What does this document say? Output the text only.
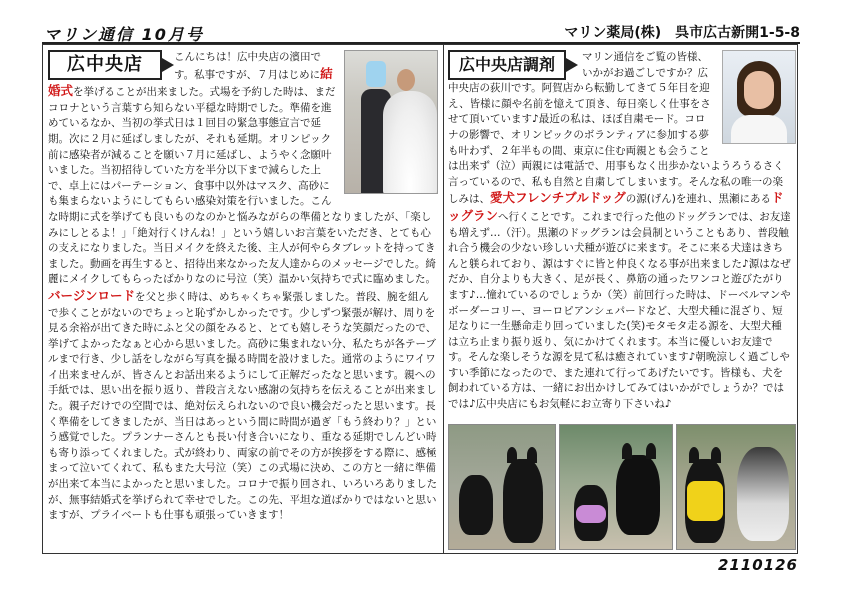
マリン通信 10月号	マリン薬局(株)　呉市広古新開1-5-8
こんにちは！広中央店の濱田です。私事ですが、７月はじめに結婚式を挙げることが出来ました。式場を予約した時は、まだコロナという言葉すら知らない平穏な時期でした。準備を進めているなか、当初の挙式日は１回目の緊急事態宣言で延期。次に２月に延ばしましたが、それも延期。オリンピック前に感染者が減ることを願い７月に延ばし、ようやく念願叶いました。当初招待していた方を半分以下まで減らした上で、卓上にはパーテーション、食事中以外はマスク、高砂にも集まらないようにしてもらい感染対策を行いました。こんな時期に式を挙げても良いものなのかと悩みながらの準備となりましたが、「楽しみにしとるよ！」「絶対行くけんね！」という嬉しいお言葉をいただき、とても心の支えになりました。当日メイクを終えた後、主人が何やらタブレットを持ってきました。動画を再生すると、招待出来なかった友人達からのメッセージでした。綺麗にメイクしてもらったばかりなのに号泣（笑）温かい気持ちで式に臨めました。バージンロードを父と歩く時は、めちゃくちゃ緊張しました。普段、腕を組んで歩くことがないのでちょっと恥ずかしかったです。少しずつ緊張が解け、周りを見る余裕が出てきた時にふと父の顔をみると、とても嬉しそうな笑顔だったので、挙げてよかったなぁと心から思いました。高砂に集まれない分、私たちが各テーブルまで行き、少し話をしながら写真を撮る時間を設けました。通常のようにワイワイ出来ませんが、皆さんとお話出来るようにして正解だったなと思います。親への手紙では、思い出を振り返り、普段言えない感謝の気持ちを伝えることが出来ました。親子だけでの空間では、絶対伝えられないので良い機会だったと思います。長く準備をしてきましたが、当日はあっという間に時間が過ぎ「もう終わり？」という感覚でした。プランナーさんとも長い付き合いになり、重なる延期でしんどい時も寄り添ってくれました。式が終わり、両家の前でその方が挨拶をする際に、感極まって泣いてくれて、私もまた大号泣（笑）この式場に決め、この方と一緒に準備が出来て本当によかったと思いました。コロナで振り回され、いろいろありましたが、無事結婚式を挙げられて幸せでした。この先、平坦な道ばかりではないと思いますが、プライベートも仕事も頑張っていきます！
広中央店	マリン通信をご覧の皆様、いかがお過ごしですか？広中央店の荻川です。阿賀店から転勤してきて５年目を迎え、皆様に顔や名前を憶えて頂き、毎日楽しく仕事をさせて頂いています♪最近の私は、ほぼ自粛モード。コロナの影響で、オリンピックのボランティアに参加する夢も叶わず、２年半もの間、東京に住む両親とも会うことは出来ず（泣）両親には電話で、用事もなく出歩かないようろうるさく言っているので、私も自然と自粛してしまいます。そんな私の唯一の楽しみは、愛犬フレンチブルドッグの源(げん)を連れ、黒瀬にあるドッグランへ行くことです。これまで行った他のドッグランでは、お友達も増えず…（汗）。黒瀬のドッグランは会員制ということもあり、普段触れ合う機会の少ない珍しい犬種が遊びに来ます。そこに来る犬達はきちんと躾られており、源はすぐに皆と仲良くなる事が出来ました♪源はなぜだか、自分よりも大きく、足が長く、鼻筋の通ったワンコと遊びたがります♪…憧れているのでしょうか（笑）前回行った時は、ドーベルマンやボーダーコリー、ヨーロピアンシェパードなど、大型犬種に混ざり、短足なりに一生懸命走り回っていました(笑)モタモタ走る源を、大型犬種は立ち止まり振り返り、気にかけてくれます。本当に優しいお友達です。そんな楽しそうな源を見て私は癒されています♪朝晩涼しく過ごしやすい季節になったので、また連れて行ってあげたいです。皆様も、犬を飼われている方は、一緒にお出かけしてみてはいかがでしょうか？ではでは♪広中央店にもお気軽にお立寄り下さいね♪
広中央店調剤
2110126
